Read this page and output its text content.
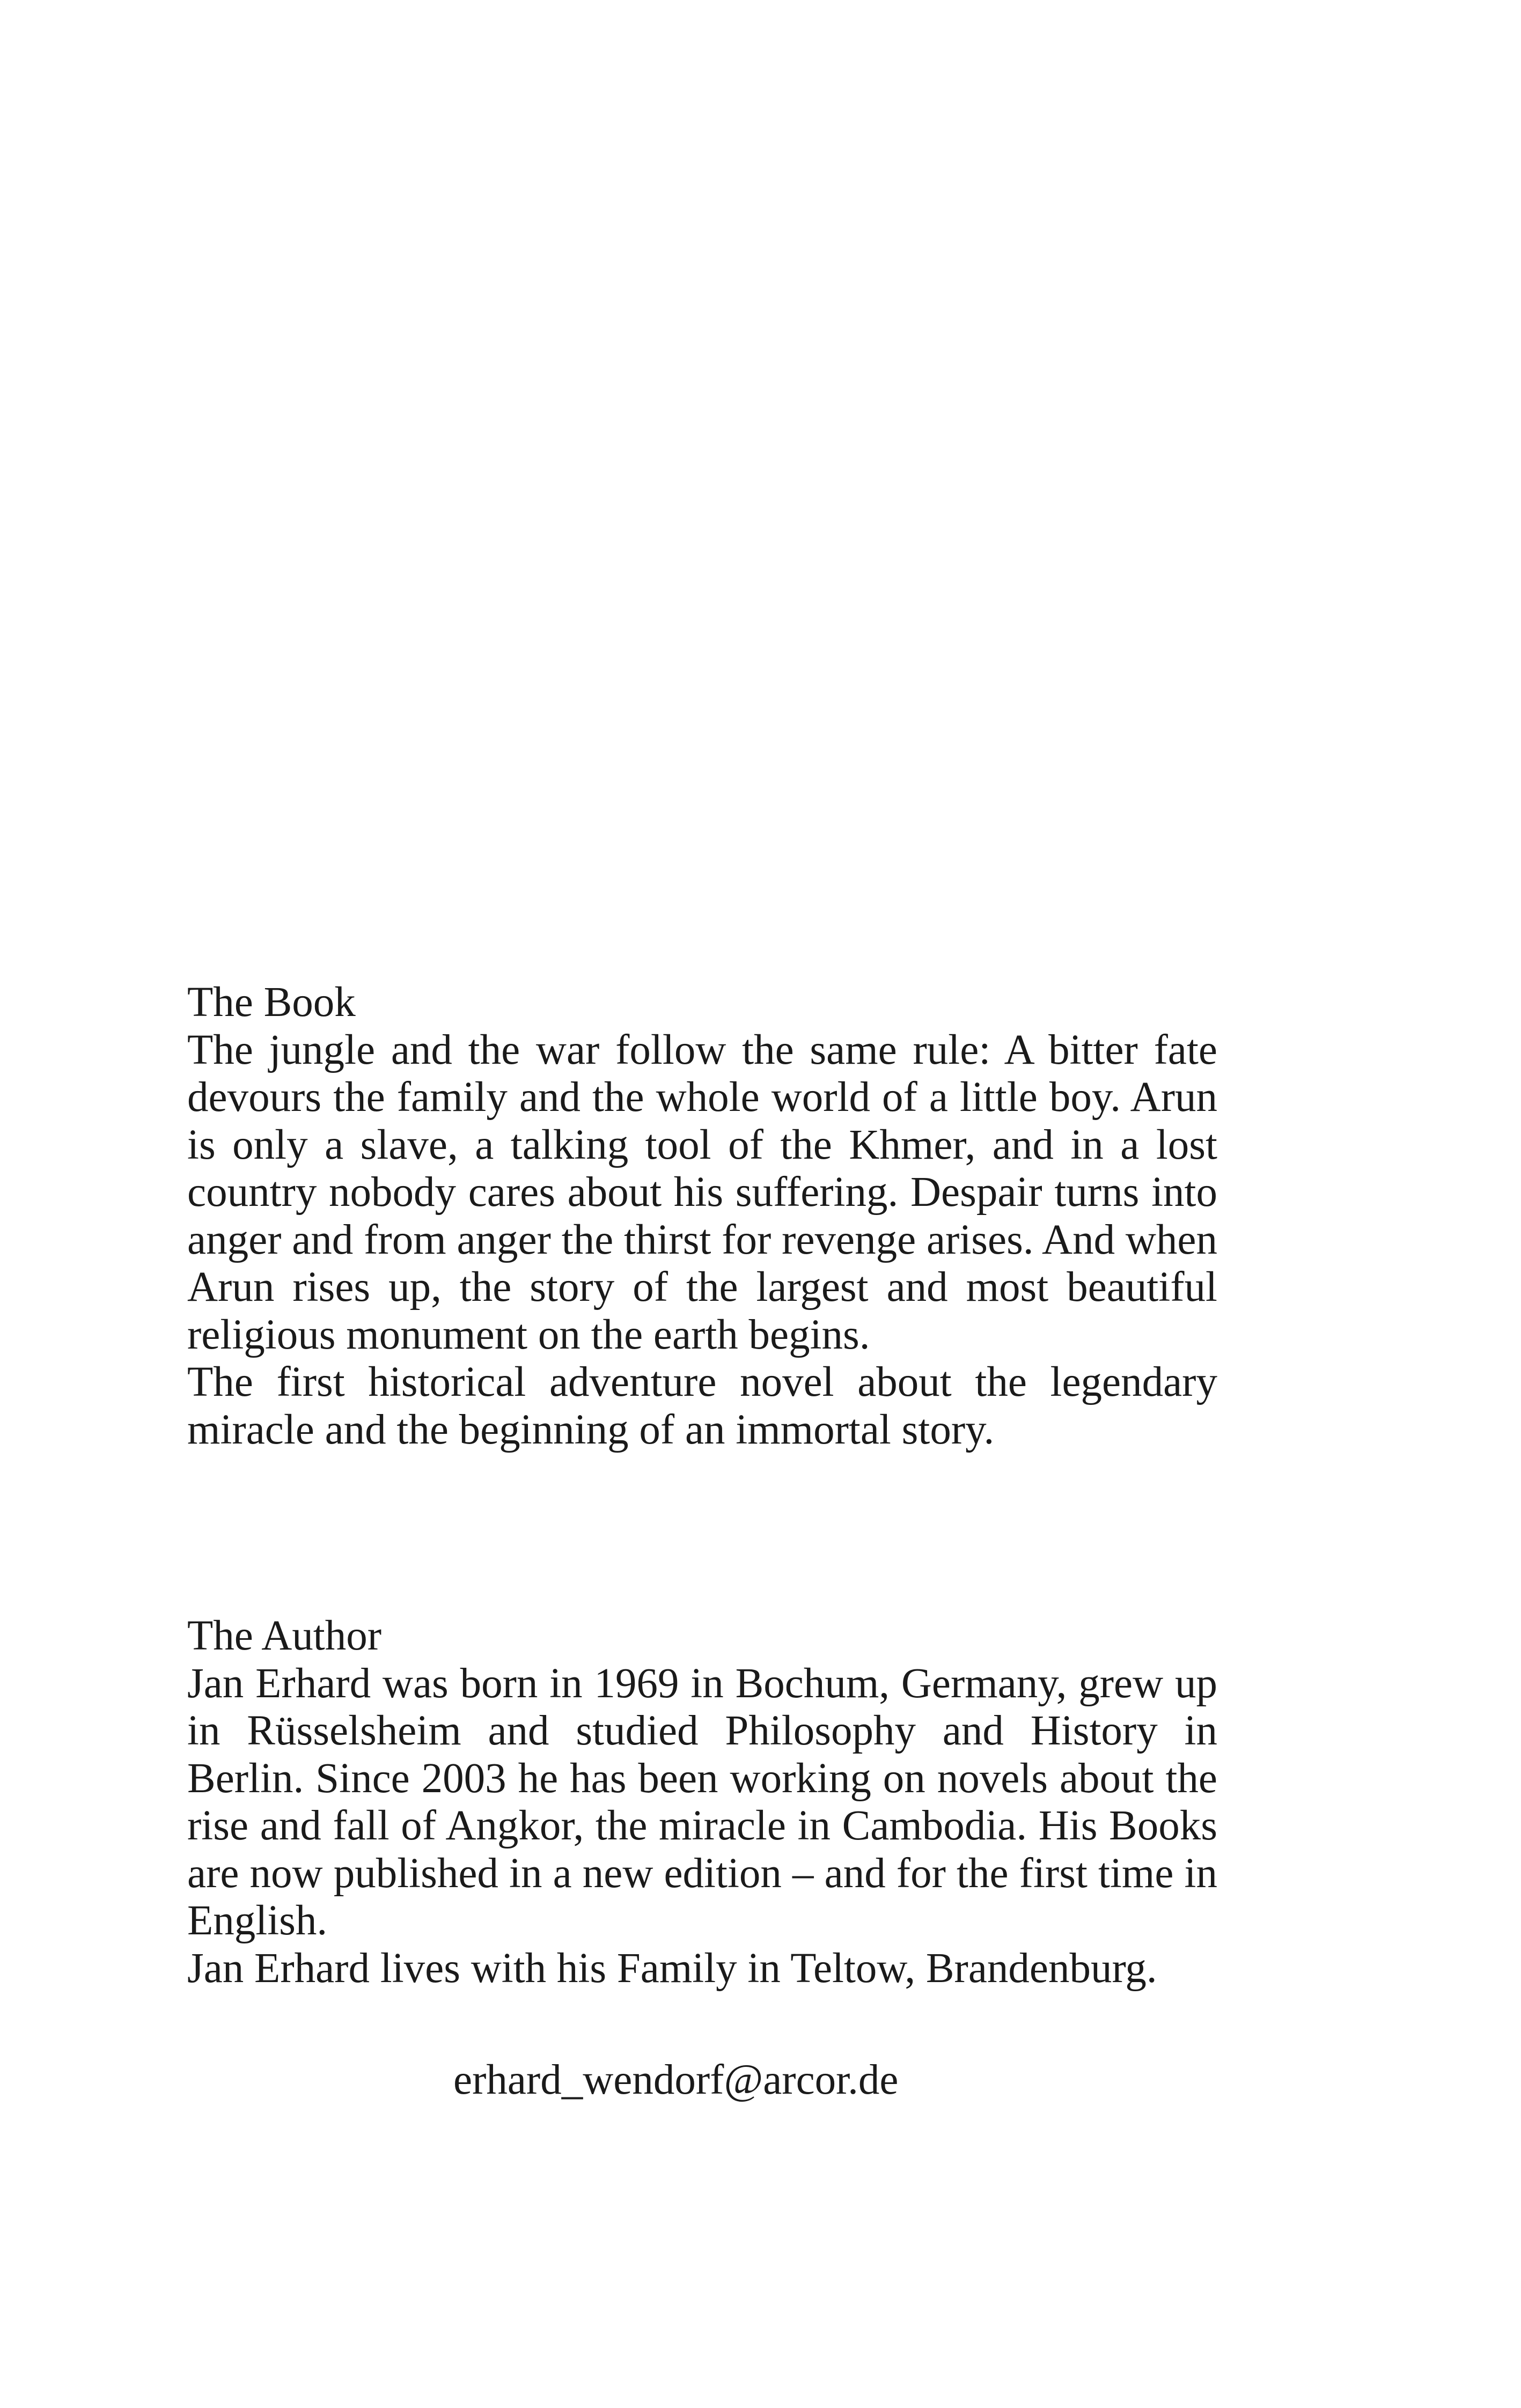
The Book

The jungle and the war follow the same rule: A bitter fate devours the family and the whole world of a little boy. Arun is only a slave, a talking tool of the Khmer, and in a lost country nobody cares about his suffering. Despair turns into anger and from anger the thirst for revenge arises. And when Arun rises up, the story of the largest and most beautiful religious monument on the earth begins.

The first historical adventure novel about the legendary miracle and the beginning of an immortal story.

The Author

Jan Erhard was born in 1969 in Bochum, Germany, grew up in Rüsselsheim and studied Philosophy and History in Berlin. Since 2003 he has been working on novels about the rise and fall of Angkor, the miracle in Cambodia. His Books are now published in a new edition – and for the first time in English.

Jan Erhard lives with his Family in Teltow, Brandenburg.

erhard_wendorf@arcor.de
